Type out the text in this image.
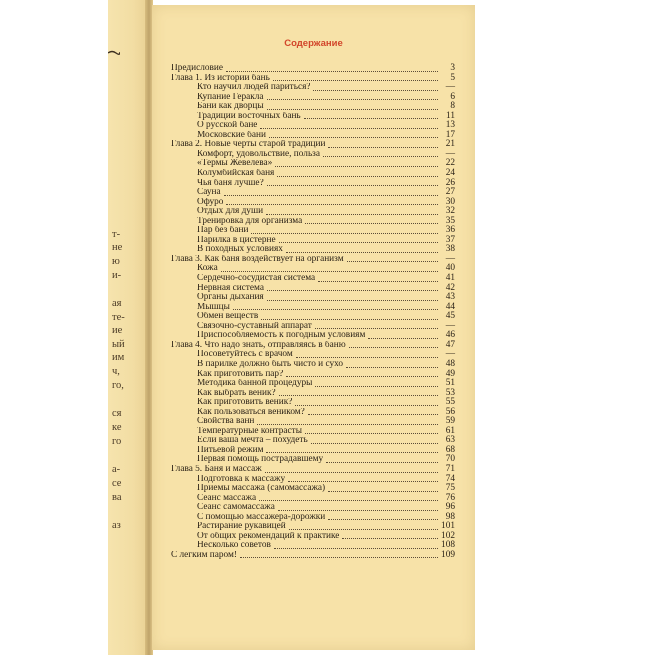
т-
не
ю
и-
ая
те-
ие
ый
им
ч,
го,
ся
ке
го
а-
се
ва
аз
Содержание
Предисловие	3
Глава 1. Из истории бань	5
Кто научил людей париться?	—
Купание Геракла	6
Бани как дворцы	8
Традиции восточных бань	11
О русской бане	13
Московские бани	17
Глава 2. Новые черты старой традиции	21
Комфорт, удовольствие, польза	—
«Термы Жевелева»	22
Колумбийская баня	24
Чья баня лучше?	26
Сауна	27
Офуро	30
Отдых для души	32
Тренировка для организма	35
Пар без бани	36
Парилка в цистерне	37
В походных условиях	38
Глава 3. Как баня воздействует на организм	—
Кожа	40
Сердечно-сосудистая система	41
Нервная система	42
Органы дыхания	43
Мышцы	44
Обмен веществ	45
Связочно-суставный аппарат	—
Приспособляемость к погодным условиям	46
Глава 4. Что надо знать, отправляясь в баню	47
Посоветуйтесь с врачом	—
В парилке должно быть чисто и сухо	48
Как приготовить пар?	49
Методика банной процедуры	51
Как выбрать веник?	53
Как приготовить веник?	55
Как пользоваться веником?	56
Свойства ванн	59
Температурные контрасты	61
Если ваша мечта – похудеть	63
Питьевой режим	68
Первая помощь пострадавшему	70
Глава 5. Баня и массаж	71
Подготовка к массажу	74
Приемы массажа (самомассажа)	75
Сеанс массажа	76
Сеанс самомассажа	96
С помощью массажера-дорожки	98
Растирание рукавицей	101
От общих рекомендаций к практике	102
Несколько советов	108
С легким паром!	109
